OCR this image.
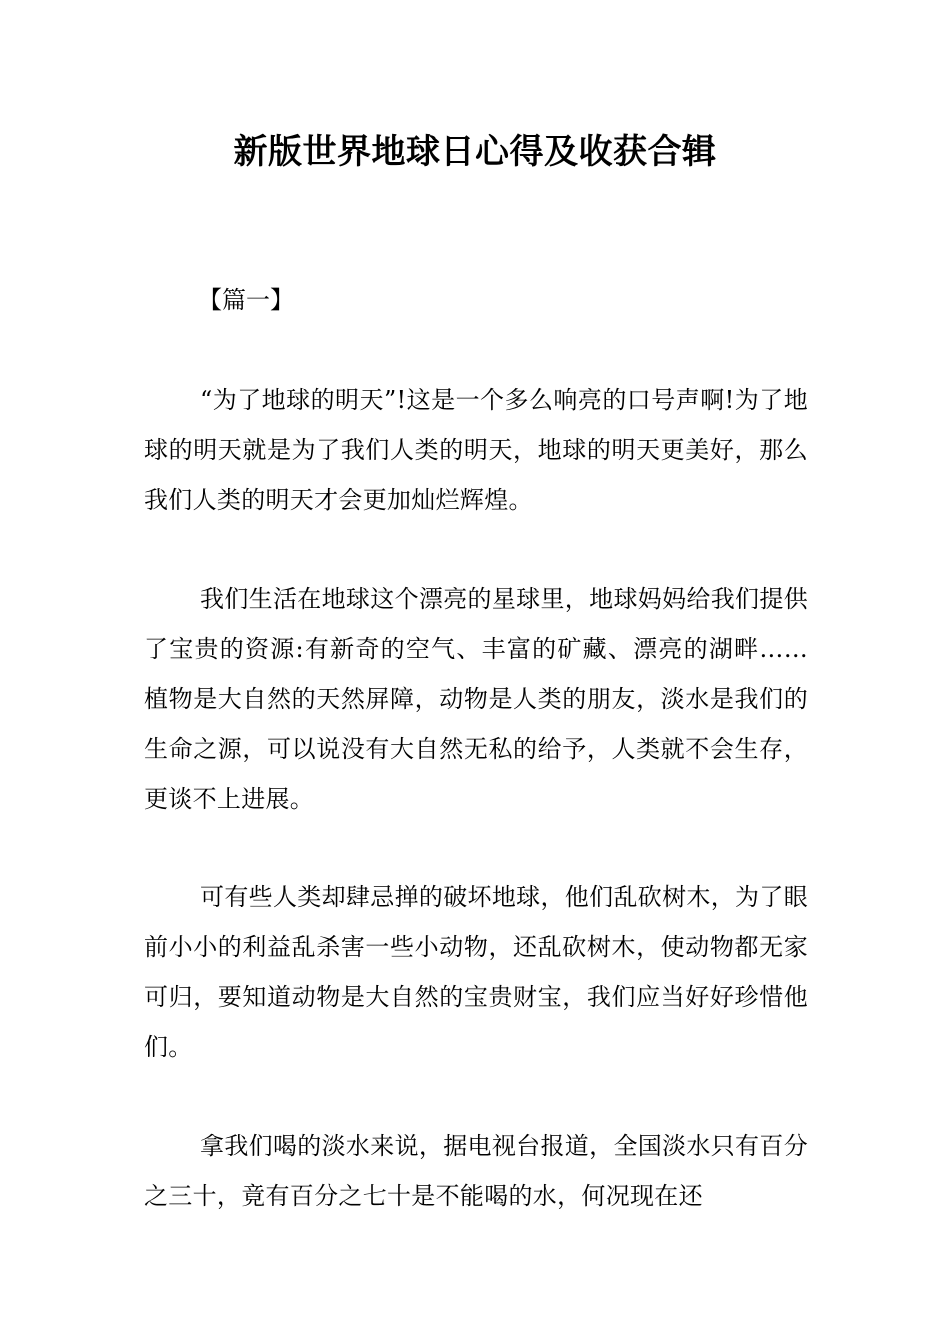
新版世界地球日心得及收获合辑

【篇一】

“为了地球的明天”!这是一个多么响亮的口号声啊!为了地球的明天就是为了我们人类的明天，地球的明天更美好，那么我们人类的明天才会更加灿烂辉煌。

我们生活在地球这个漂亮的星球里，地球妈妈给我们提供了宝贵的资源:有新奇的空气、丰富的矿藏、漂亮的湖畔……植物是大自然的天然屏障，动物是人类的朋友，淡水是我们的生命之源，可以说没有大自然无私的给予，人类就不会生存，更谈不上进展。

可有些人类却肆忌掸的破坏地球，他们乱砍树木，为了眼前小小的利益乱杀害一些小动物，还乱砍树木，使动物都无家可归，要知道动物是大自然的宝贵财宝，我们应当好好珍惜他们。

拿我们喝的淡水来说，据电视台报道，全国淡水只有百分之三十，竟有百分之七十是不能喝的水，何况现在还
